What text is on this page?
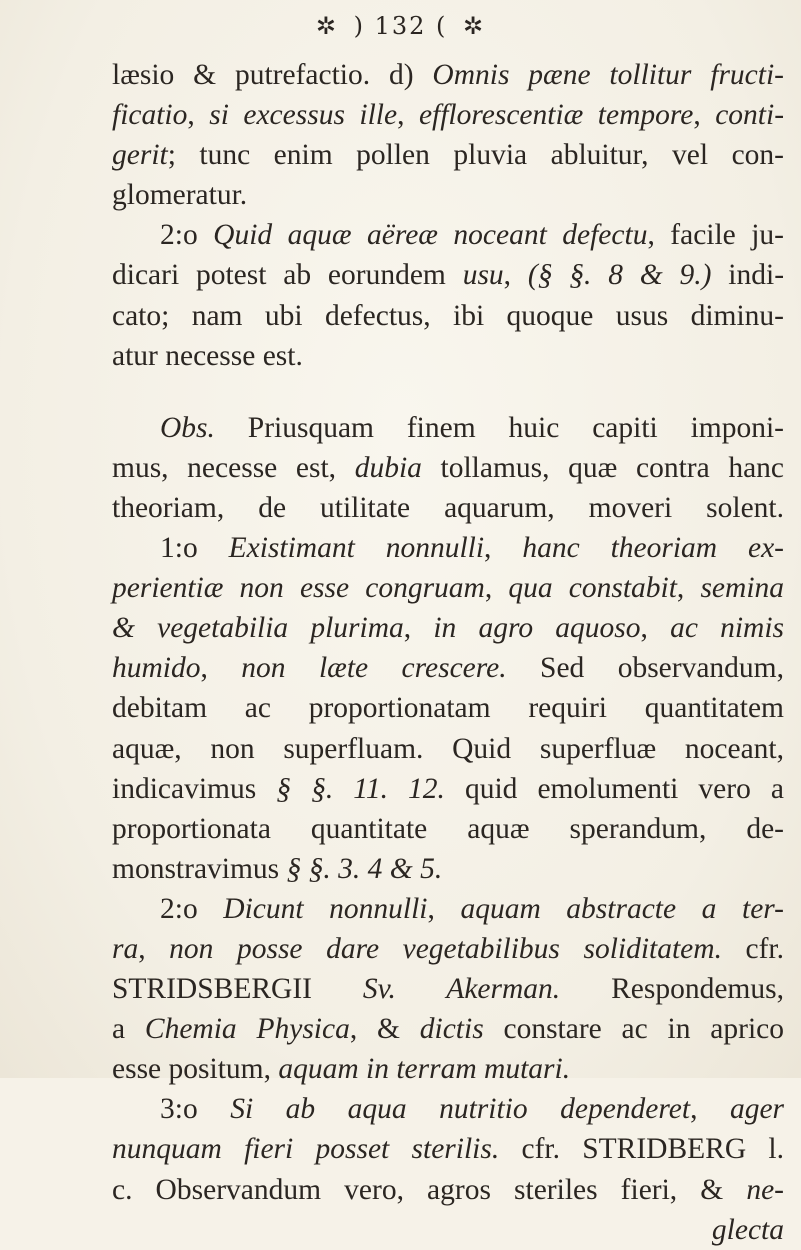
✲ ) 132 ( ✲
læsio & putrefactio. d) Omnis pæne tollitur fructi-
ficatio, si excessus ille, efflorescentiæ tempore, conti-
gerit; tunc enim pollen pluvia abluitur, vel con-
glomeratur.
2:o Quid aquæ aëreæ noceant defectu, facile ju-
dicari potest ab eorundem usu, (§ §. 8 & 9.) indi-
cato; nam ubi defectus, ibi quoque usus diminu-
atur necesse est.
Obs. Priusquam finem huic capiti imponi-
mus, necesse est, dubia tollamus, quæ contra hanc
theoriam, de utilitate aquarum, moveri solent.
1:o Existimant nonnulli, hanc theoriam ex-
perientiæ non esse congruam, qua constabit, semina
& vegetabilia plurima, in agro aquoso, ac nimis
humido, non læte crescere. Sed observandum,
debitam ac proportionatam requiri quantitatem
aquæ, non superfluam. Quid superfluæ noceant,
indicavimus § §. 11. 12. quid emolumenti vero a
proportionata quantitate aquæ sperandum, de-
monstravimus § §. 3. 4 & 5.
2:o Dicunt nonnulli, aquam abstracte a ter-
ra, non posse dare vegetabilibus soliditatem. cfr.
STRIDSBERGII Sv. Akerman. Respondemus,
a Chemia Physica, & dictis constare ac in aprico
esse positum, aquam in terram mutari.
3:o Si ab aqua nutritio dependeret, ager
nunquam fieri posset sterilis. cfr. STRIDBERG l.
c. Observandum vero, agros steriles fieri, & ne-
glecta
